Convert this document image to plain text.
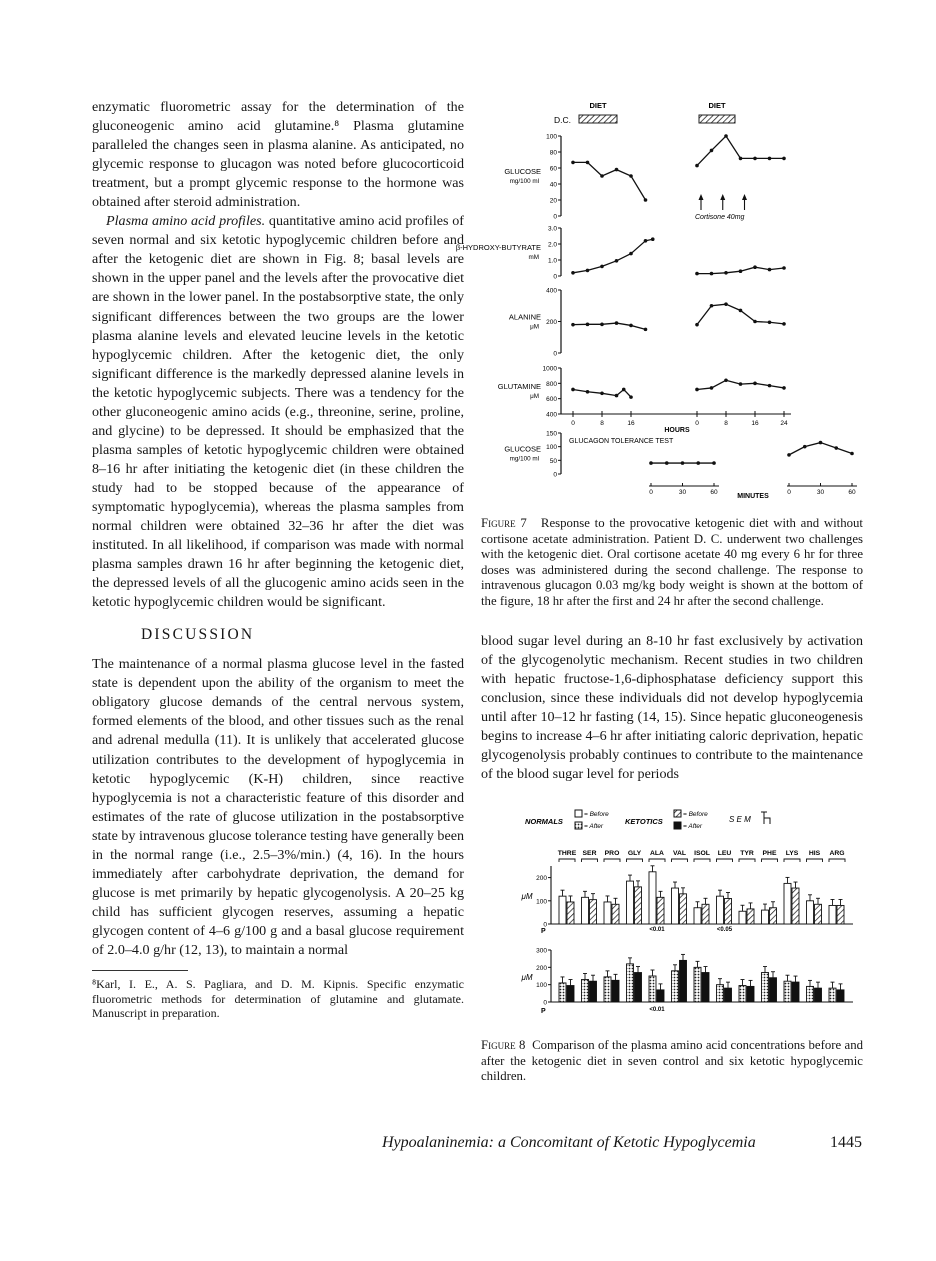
enzymatic fluorometric assay for the determination of the gluconeogenic amino acid glutamine.⁸ Plasma glutamine paralleled the changes seen in plasma alanine. As anticipated, no glycemic response to glucagon was noted before glucocorticoid treatment, but a prompt glycemic response to the hormone was obtained after steroid administration.

Plasma amino acid profiles. quantitative amino acid profiles of seven normal and six ketotic hypoglycemic children before and after the ketogenic diet are shown in Fig. 8; basal levels are shown in the upper panel and the levels after the provocative diet are shown in the lower panel. In the postabsorptive state, the only significant differences between the two groups are the lower plasma alanine levels and elevated leucine levels in the ketotic hypoglycemic children. After the ketogenic diet, the only significant difference is the markedly depressed alanine levels in the ketotic hypoglycemic subjects. There was a tendency for the other gluconeogenic amino acids (e.g., threonine, serine, proline, and glycine) to be depressed. It should be emphasized that the plasma samples of ketotic hypoglycemic children were obtained 8–16 hr after initiating the ketogenic diet (in these children the study had to be stopped because of the appearance of symptomatic hypoglycemia), whereas the plasma samples from normal children were obtained 32–36 hr after the diet was instituted. In all likelihood, if comparison was made with normal plasma samples drawn 16 hr after beginning the ketogenic diet, the depressed levels of all the glucogenic amino acids seen in the ketotic hypoglycemic children would be significant.

DISCUSSION

The maintenance of a normal plasma glucose level in the fasted state is dependent upon the ability of the organism to meet the obligatory glucose demands of the central nervous system, formed elements of the blood, and other tissues such as the renal and adrenal medulla (11). It is unlikely that accelerated glucose utilization contributes to the development of hypoglycemia in ketotic hypoglycemic (K-H) children, since reactive hypoglycemia is not a characteristic feature of this disorder and estimates of the rate of glucose utilization in the postabsorptive state by intravenous glucose tolerance testing have generally been in the normal range (i.e., 2.5–3%/min.) (4, 16). In the hours immediately after carbohydrate deprivation, the demand for glucose is met primarily by hepatic glycogenolysis. A 20–25 kg child has sufficient glycogen reserves, assuming a hepatic glycogen content of 4–6 g/100 g and a basal glucose requirement of 2.0–4.0 g/hr (12, 13), to maintain a normal

⁸Karl, I. E., A. S. Pagliara, and D. M. Kipnis. Specific enzymatic fluorometric methods for determination of glutamine and glutamate. Manuscript in preparation.

DIET	DIET
D.C.
0
20
40
60
80
100
GLUCOSE
mg/100 ml
0
1.0
2.0
3.0
β-HYDROXY-BUTYRATE
mM
0
200
400
ALANINE
μM
400
600
800
1000
GLUTAMINE
μM
0
50
100
150
GLUCOSE
mg/100 ml
GLUCAGON TOLERANCE TEST
0	30	60	0	30	60
MINUTES
0	8	16	0	8	16	24
HOURS
Cortisone 40mg

Figure 7 Response to the provocative ketogenic diet with and without cortisone acetate administration. Patient D. C. underwent two challenges with the ketogenic diet. Oral cortisone acetate 40 mg every 6 hr for three doses was administered during the second challenge. The response to intravenous glucagon 0.03 mg/kg body weight is shown at the bottom of the figure, 18 hr after the first and 24 hr after the second challenge.

blood sugar level during an 8-10 hr fast exclusively by activation of the glycogenolytic mechanism. Recent studies in two children with hepatic fructose-1,6-diphosphatase deficiency support this conclusion, since these individuals did not develop hypoglycemia until after 10–12 hr fasting (14, 15). Since hepatic gluconeogenesis begins to increase 4–6 hr after initiating caloric deprivation, hepatic glycogenolysis probably continues to contribute to the maintenance of the blood sugar level for periods

NORMALS
= Before
= After
KETOTICS
= Before
= After
S E M
THRE SER PRO GLY ALA VAL ISOL LEU TYR PHE LYS HIS ARG
0
100
200
μM
P	<0.01	<0.05
0
100
200
300
μM
P	<0.01

Figure 8 Comparison of the plasma amino acid concentrations before and after the ketogenic diet in seven control and six ketotic hypoglycemic children.

Hypoalaninemia: a Concomitant of Ketotic Hypoglycemia	1445
